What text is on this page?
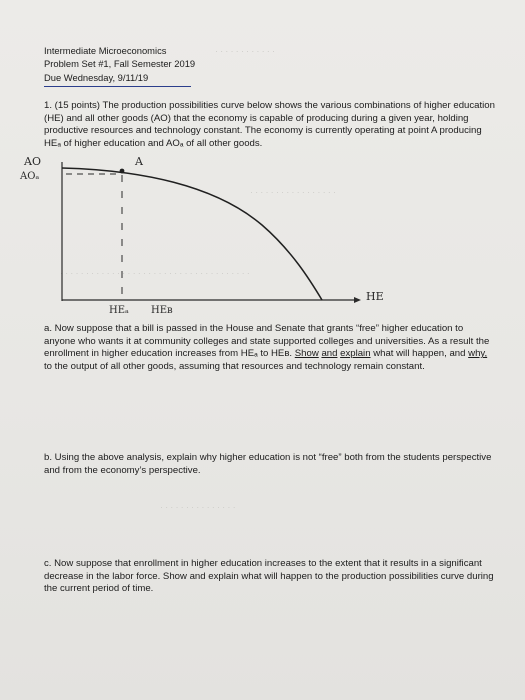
· · · · · · · · · · · ·
· · · · · · · · · · · · · · · · ·
· · · · · · · · · · · · · · · · · · · · · · · · · · · · · · · · · · · · ·
· · · · · · · · · · · · · · ·
Intermediate Microeconomics
Problem Set #1, Fall Semester 2019
Due Wednesday, 9/11/19
1. (15 points) The production possibilities curve below shows the various combinations of higher education (HE) and all other goods (AO) that the economy is capable of producing during a given year, holding productive resources and technology constant. The economy is currently operating at point A producing HEₐ of higher education and AOₐ of all other goods.
AO
AOₐ
A
HE
HEₐ HEʙ
a. Now suppose that a bill is passed in the House and Senate that grants “free” higher education to anyone who wants it at community colleges and state supported colleges and universities. As a result the enrollment in higher education increases from HEₐ to HEʙ. Show and explain what will happen, and why, to the output of all other goods, assuming that resources and technology remain constant.
b. Using the above analysis, explain why higher education is not “free” both from the students perspective and from the economy’s perspective.
c. Now suppose that enrollment in higher education increases to the extent that it results in a significant decrease in the labor force. Show and explain what will happen to the production possibilities curve during the current period of time.
